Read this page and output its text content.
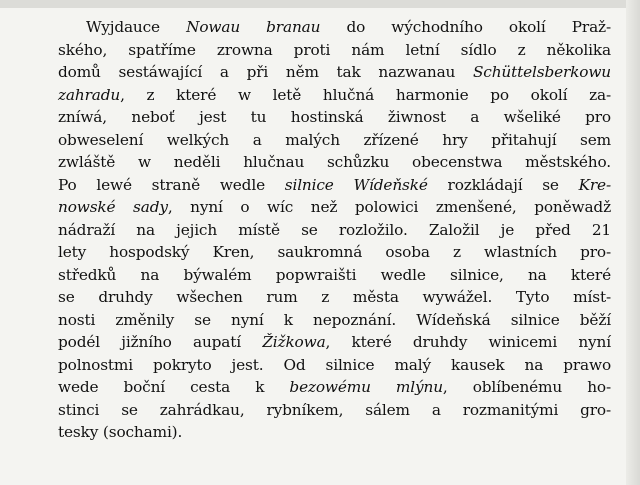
Wyjdauce Nowau branau do wýchodního okolí Praž-
ského, spatříme zrowna proti nám letní sídlo z několika
domů sestáwající a při něm tak nazwanau Schüttelsberkowu
zahradu, z které w letě hlučná harmonie po okolí za-
zníwá, neboť jest tu hostinská žiwnost a wšeliké pro
obweselení welkých a malých zřízené hry přitahují sem
zwláště w neděli hlučnau schůzku obecenstwa městského.
Po lewé straně wedle silnice Wídeňské rozkládají se Kre-
nowské sady, nyní o wíc než polowici zmenšené, poněwadž
nádraží na jejich místě se rozložilo. Založil je před 21
lety hospodský Kren, saukromná osoba z wlastních pro-
středků na býwalém popwraišti wedle silnice, na které
se druhdy wšechen rum z města wywážel. Tyto míst-
nosti změnily se nyní k nepoznání. Wídeňská silnice běží
podél jižního aupatí Žižkowa, které druhdy winicemi nyní
polnostmi pokryto jest. Od silnice malý kausek na prawo
wede boční cesta k bezowému mlýnu, oblíbenému ho-
stinci se zahrádkau, rybníkem, sálem a rozmanitými gro-
tesky (sochami).
